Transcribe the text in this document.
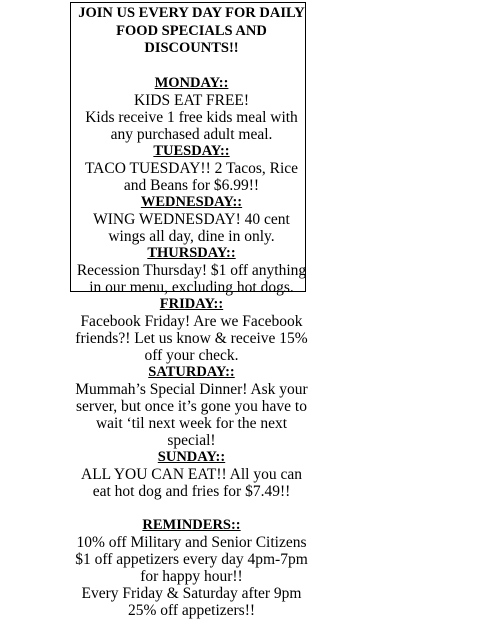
JOIN US EVERY DAY FOR DAILY
FOOD SPECIALS AND
DISCOUNTS!!
MONDAY::
KIDS EAT FREE!
Kids receive 1 free kids meal with
any purchased adult meal.
TUESDAY::
TACO TUESDAY!! 2 Tacos, Rice
and Beans for $6.99!!
WEDNESDAY::
WING WEDNESDAY! 40 cent
wings all day, dine in only.
THURSDAY::
Recession Thursday! $1 off anything
in our menu, excluding hot dogs.
FRIDAY::
Facebook Friday! Are we Facebook
friends?! Let us know & receive 15%
off your check.
SATURDAY::
Mummah’s Special Dinner! Ask your
server, but once it’s gone you have to
wait ‘til next week for the next
special!
SUNDAY::
ALL YOU CAN EAT!! All you can
eat hot dog and fries for $7.49!!
REMINDERS::
10% off Military and Senior Citizens
$1 off appetizers every day 4pm-7pm
for happy hour!!
Every Friday & Saturday after 9pm
25% off appetizers!!
